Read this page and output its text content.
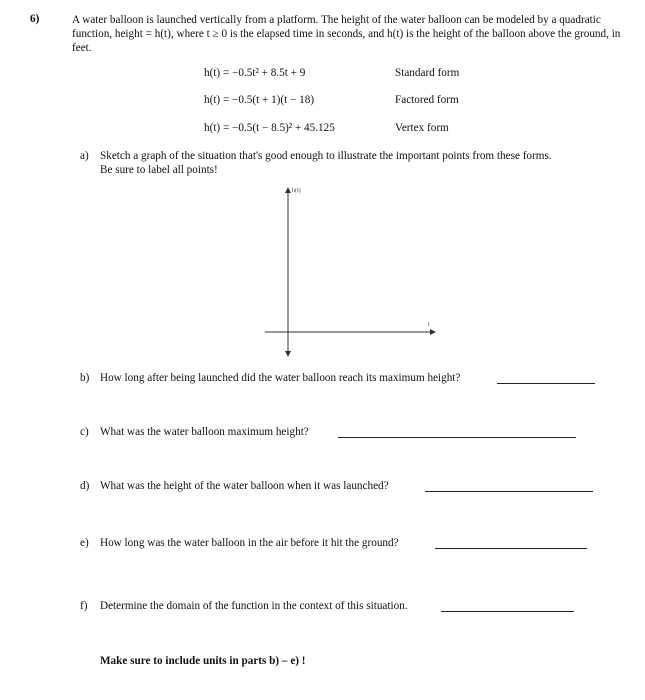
6)	A water balloon is launched vertically from a platform. The height of the water balloon can be modeled by a quadratic function, height = h(t), where t ≥ 0 is the elapsed time in seconds, and h(t) is the height of the balloon above the ground, in feet.
h(t) = −0.5t² + 8.5t + 9	Standard form
h(t) = −0.5(t + 1)(t − 18)	Factored form
h(t) = −0.5(t − 8.5)² + 45.125	Vertex form
a) Sketch a graph of the situation that's good enough to illustrate the important points from these forms.
Be sure to label all points!
h(t)
t
b) How long after being launched did the water balloon reach its maximum height?
c) What was the water balloon maximum height?
d) What was the height of the water balloon when it was launched?
e) How long was the water balloon in the air before it hit the ground?
f) Determine the domain of the function in the context of this situation.
Make sure to include units in parts b) – e) !
